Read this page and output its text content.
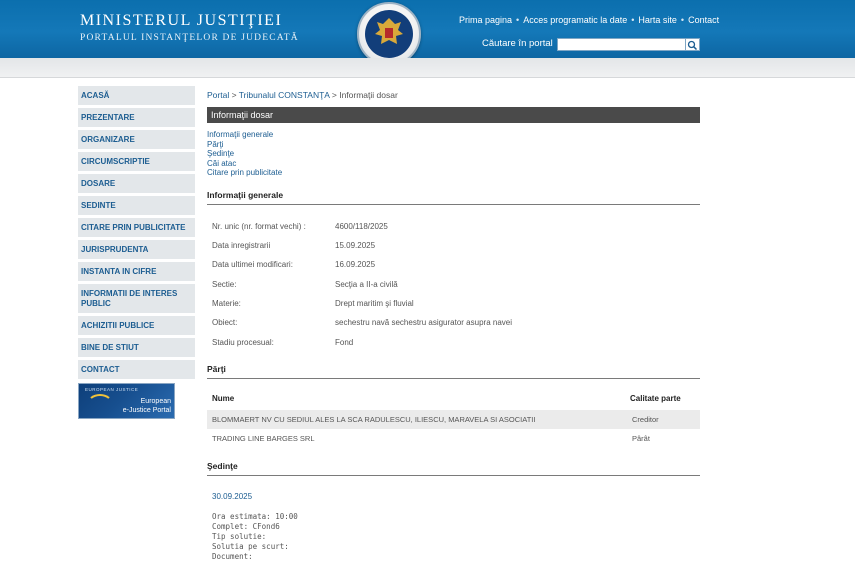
MINISTERUL JUSTIŢIEI
PORTALUL INSTANŢELOR DE JUDECATĂ
Prima pagina • Acces programatic la date • Harta site • Contact
Căutare în portal
ACASĂ
PREZENTARE
ORGANIZARE
CIRCUMSCRIPTIE
DOSARE
SEDINTE
CITARE PRIN PUBLICITATE
JURISPRUDENTA
INSTANTA IN CIFRE
INFORMATII DE INTERES PUBLIC
ACHIZITII PUBLICE
BINE DE STIUT
CONTACT
EUROPEAN JUSTICE
European
e-Justice Portal
Portal > Tribunalul CONSTANŢA > Informaţii dosar
Informaţii dosar
Informaţii generale
Părţi
Şedinţe
Căi atac
Citare prin publicitate
Informaţii generale
Nr. unic (nr. format vechi) :	4600/118/2025
Data inregistrarii	15.09.2025
Data ultimei modificari:	16.09.2025
Sectie:	Secţia a II-a civilă
Materie:	Drept maritim şi fluvial
Obiect:	sechestru navă sechestru asigurator asupra navei
Stadiu procesual:	Fond
Părţi
Nume	Calitate parte
BLOMMAERT NV CU SEDIUL ALES LA SCA RADULESCU, ILIESCU, MARAVELA SI ASOCIATII	Creditor
TRADING LINE BARGES SRL	Pârât
Şedinţe
30.09.2025
Ora estimata: 10:00
Complet: CFond6
Tip solutie:
Solutia pe scurt:
Document:
